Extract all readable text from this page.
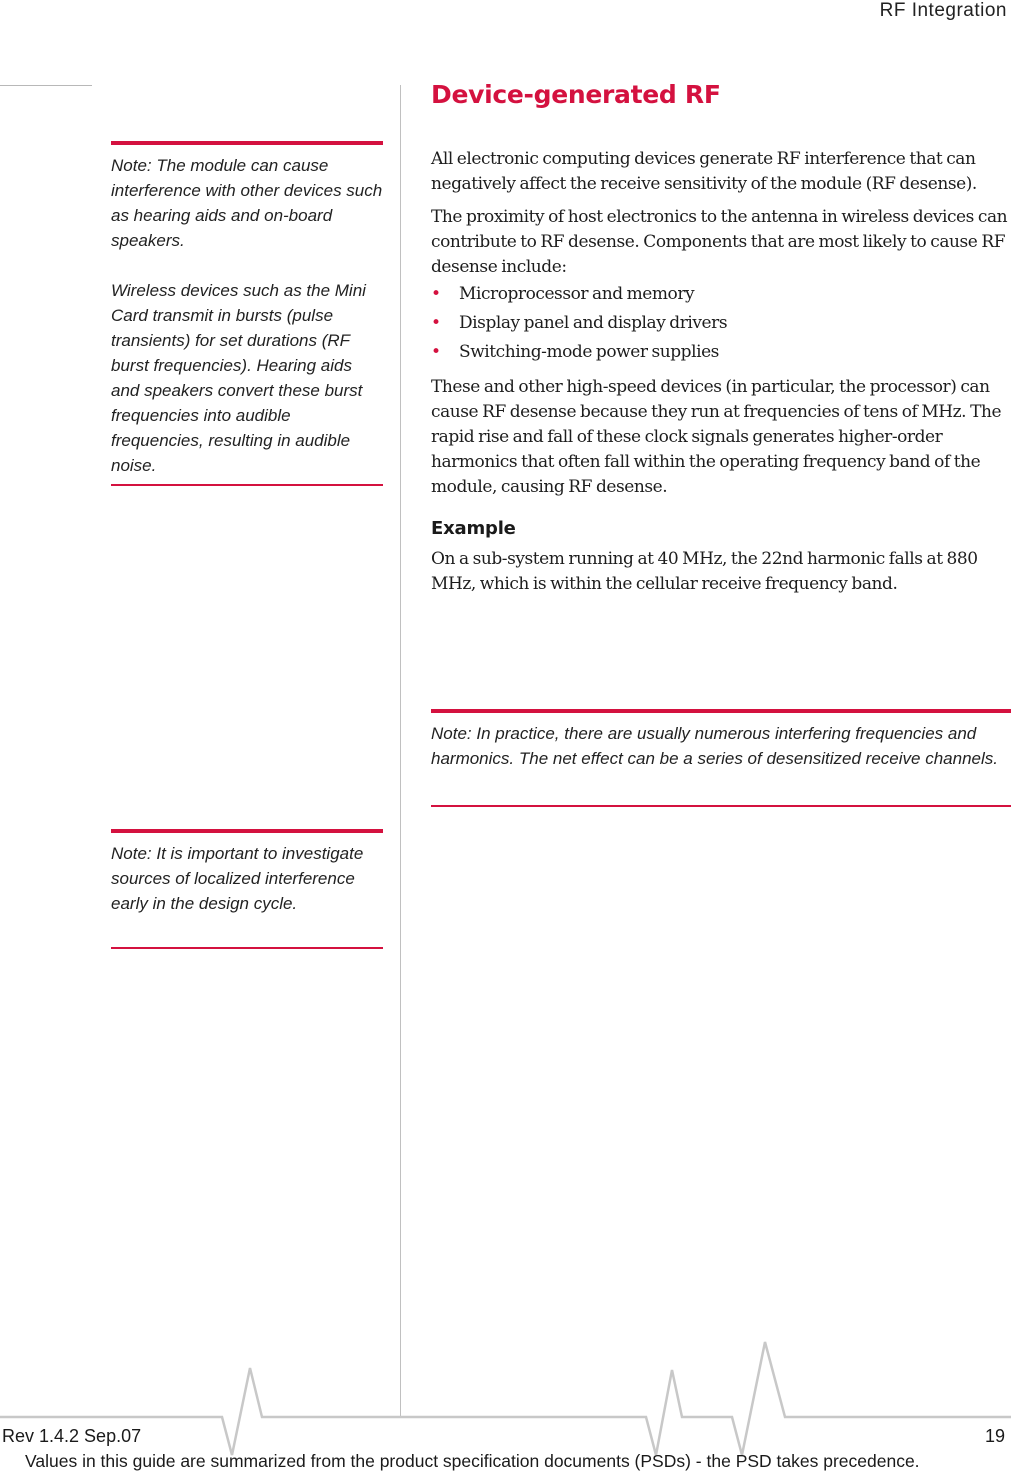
RF Integration
Device-generated RF

Note: The module can cause interference with other devices such as hearing aids and on-board speakers.

Wireless devices such as the Mini Card transmit in bursts (pulse transients) for set durations (RF burst frequencies). Hearing aids and speakers convert these burst frequencies into audible frequencies, resulting in audible noise.

Note: It is important to investigate sources of localized interference early in the design cycle.

All electronic computing devices generate RF interference that can negatively affect the receive sensitivity of the module (RF desense).

The proximity of host electronics to the antenna in wireless devices can contribute to RF desense. Components that are most likely to cause RF desense include:

• Microprocessor and memory
• Display panel and display drivers
• Switching-mode power supplies

These and other high-speed devices (in particular, the processor) can cause RF desense because they run at frequencies of tens of MHz. The rapid rise and fall of these clock signals generates higher-order harmonics that often fall within the operating frequency band of the module, causing RF desense.

Example

On a sub-system running at 40 MHz, the 22nd harmonic falls at 880 MHz, which is within the cellular receive frequency band.

Note: In practice, there are usually numerous interfering frequencies and harmonics. The net effect can be a series of desensitized receive channels.

Rev 1.4.2 Sep.07	19
Values in this guide are summarized from the product specification documents (PSDs) - the PSD takes precedence.
